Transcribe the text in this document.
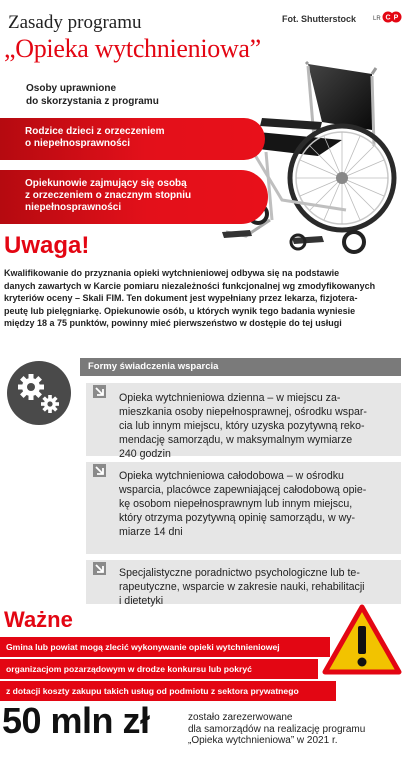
Zasady programu
„Opieka wytchnieniowa”
Fot. Shutterstock	LR C P
Osoby uprawnione
do skorzystania z programu
Rodzice dzieci z orzeczeniem
o niepełnosprawności
Opiekunowie zajmujący się osobą
z orzeczeniem o znacznym stopniu
niepełnosprawności
Uwaga!
Kwalifikowanie do przyznania opieki wytchnieniowej odbywa się na podstawie
danych zawartych w Karcie pomiaru niezależności funkcjonalnej wg zmodyfikowanych
kryteriów oceny – Skali FIM. Ten dokument jest wypełniany przez lekarza, fizjotera-
peutę lub pielęgniarkę. Opiekunowie osób, u których wynik tego badania wyniesie
między 18 a 75 punktów, powinny mieć pierwszeństwo w dostępie do tej usługi
Formy świadczenia wsparcia
Opieka wytchnieniowa dzienna – w miejscu za-
mieszkania osoby niepełnosprawnej, ośrodku wspar-
cia lub innym miejscu, który uzyska pozytywną reko-
mendację samorządu, w maksymalnym wymiarze
240 godzin
Opieka wytchnieniowa całodobowa – w ośrodku
wsparcia, placówce zapewniającej całodobową opie-
kę osobom niepełnosprawnym lub innym miejscu,
który otrzyma pozytywną opinię samorządu, w wy-
miarze 14 dni
Specjalistyczne poradnictwo psychologiczne lub te-
rapeutyczne, wsparcie w zakresie nauki, rehabilitacji
i dietetyki
Ważne
Gmina lub powiat mogą zlecić wykonywanie opieki wytchnieniowej
organizacjom pozarządowym w drodze konkursu lub pokryć
z dotacji koszty zakupu takich usług od podmiotu z sektora prywatnego
50 mln zł	zostało zarezerwowane
dla samorządów na realizację programu
„Opieka wytchnieniowa” w 2021 r.
